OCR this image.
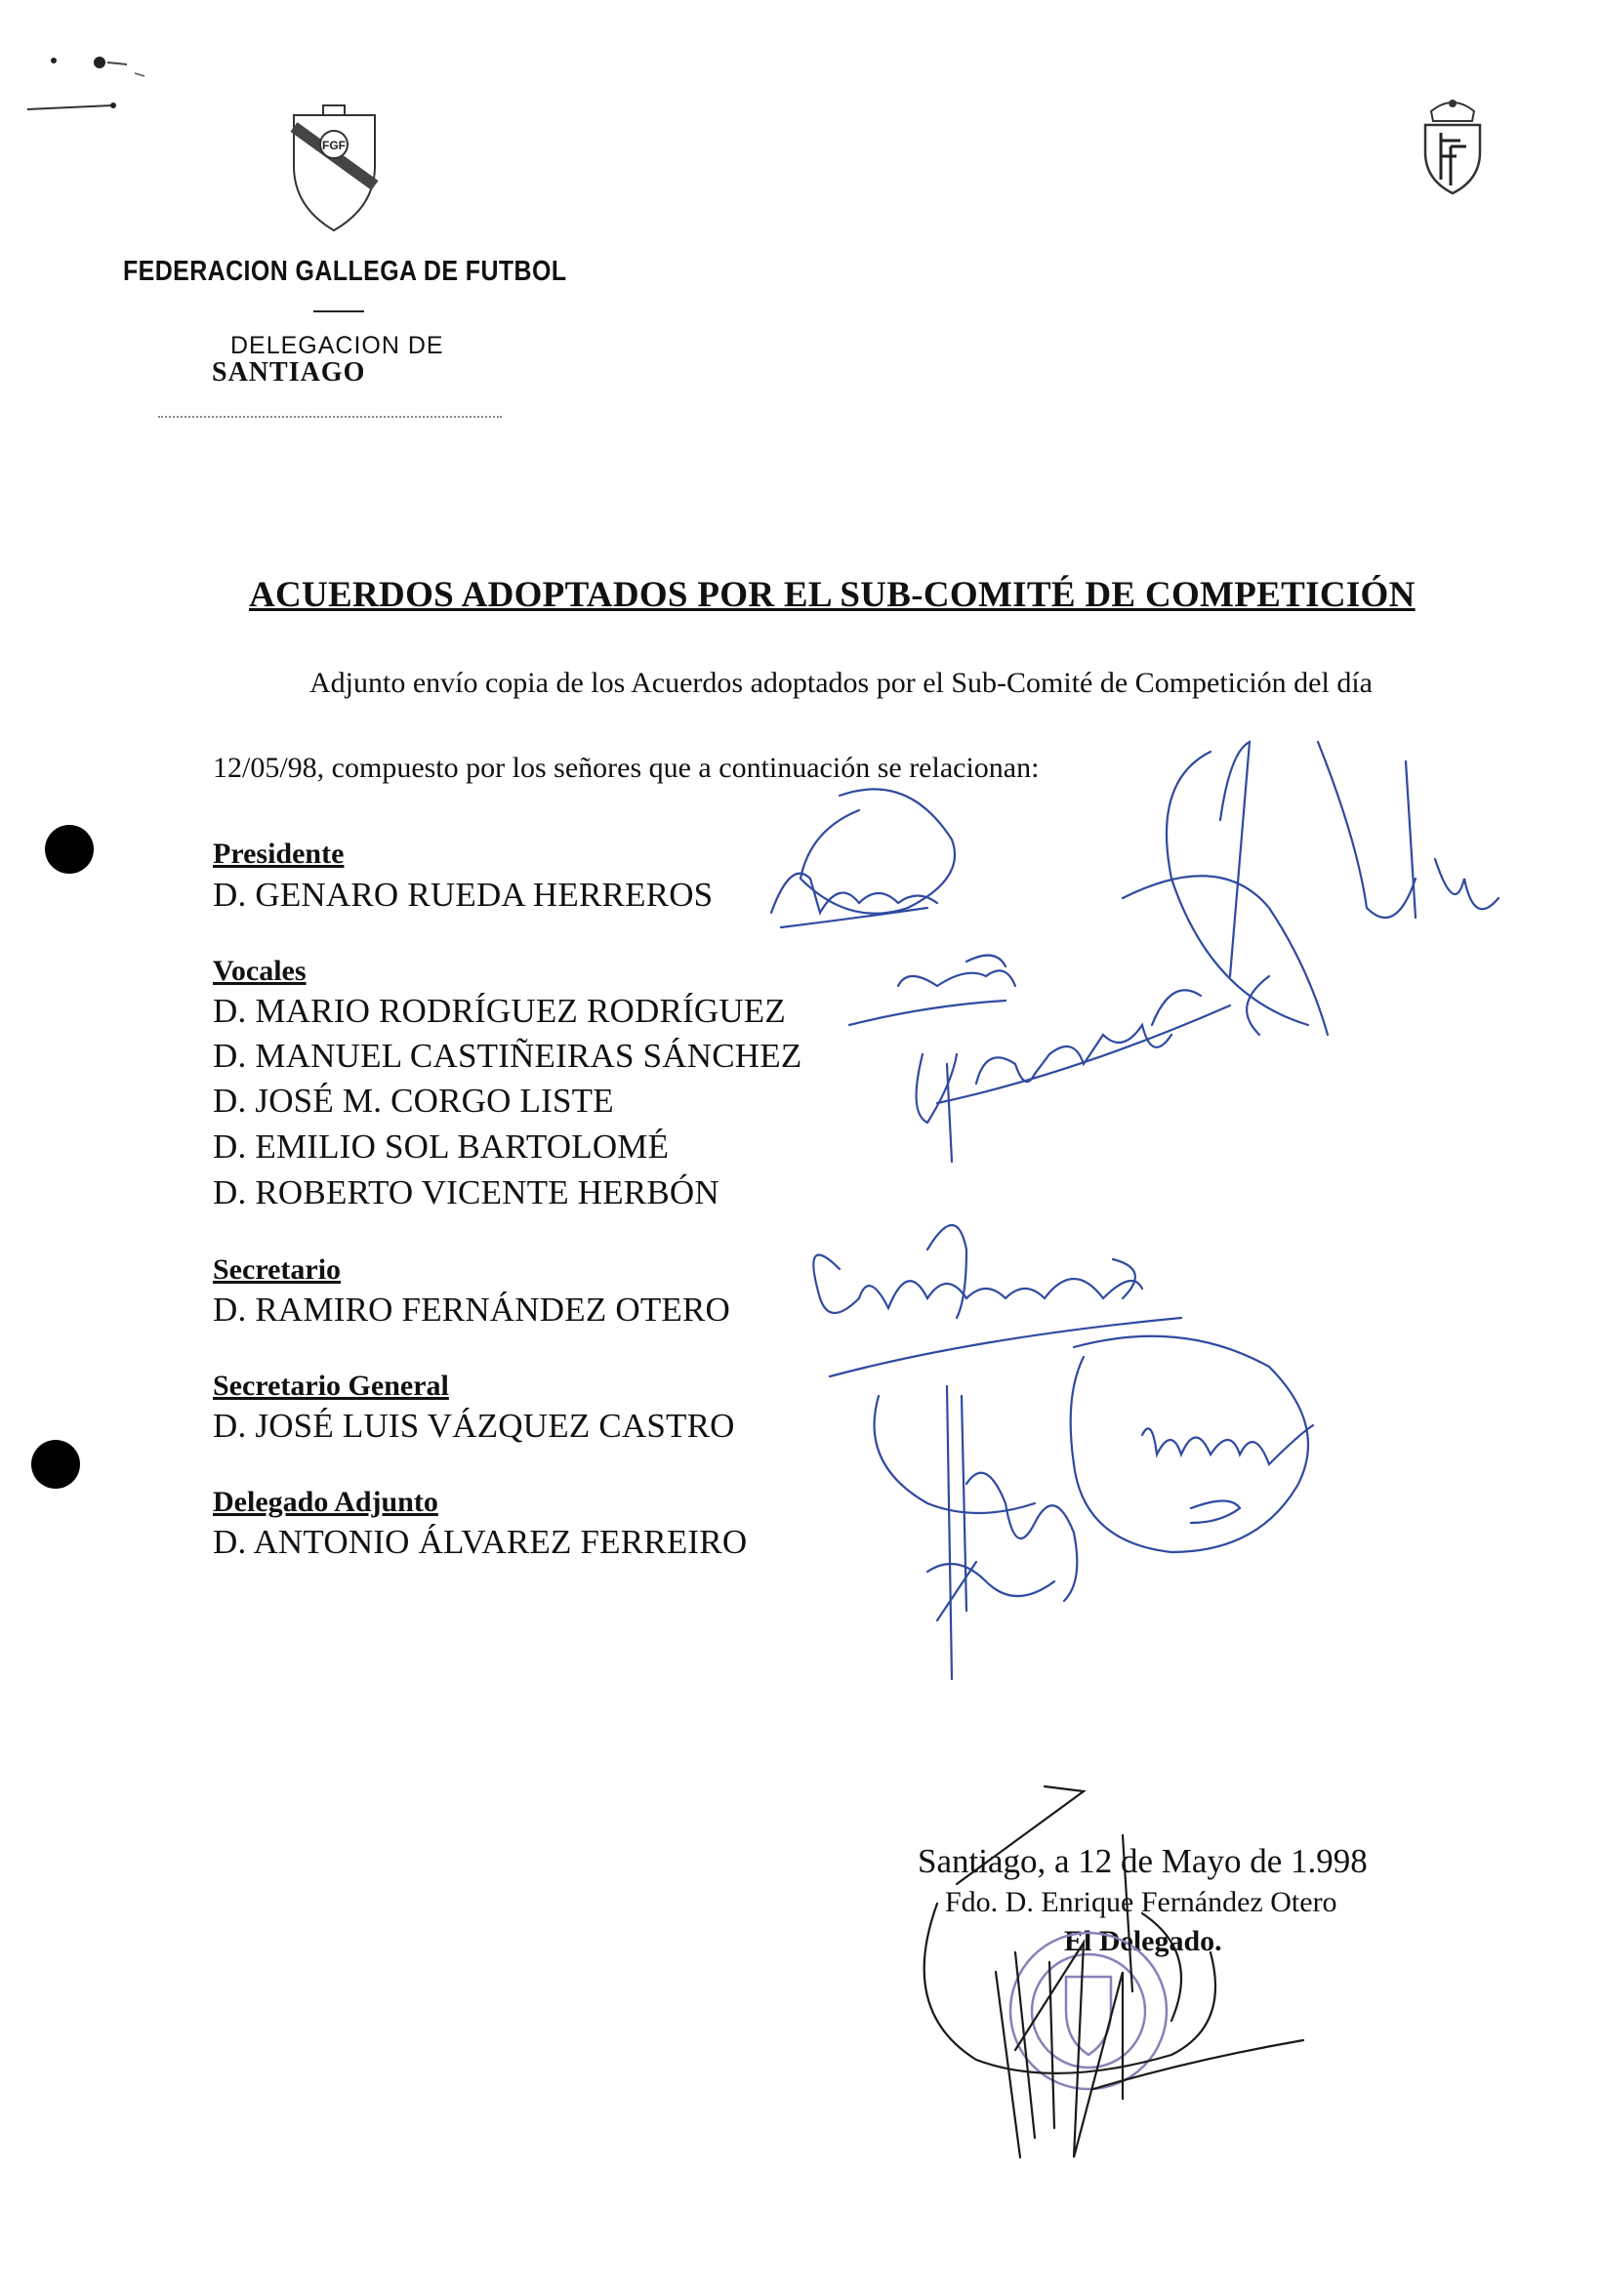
FGF
FEDERACION GALLEGA DE FUTBOL
DELEGACION DE
SANTIAGO
ACUERDOS ADOPTADOS POR EL SUB-COMITÉ DE COMPETICIÓN
Adjunto envío copia de los Acuerdos adoptados por el Sub-Comité de Competición del día
12/05/98, compuesto por los señores que a continuación se relacionan:
Presidente
D. GENARO RUEDA HERREROS
Vocales
D. MARIO RODRÍGUEZ RODRÍGUEZ
D. MANUEL CASTIÑEIRAS SÁNCHEZ
D. JOSÉ M. CORGO LISTE
D. EMILIO SOL BARTOLOMÉ
D. ROBERTO VICENTE HERBÓN
Secretario
D. RAMIRO FERNÁNDEZ OTERO
Secretario General
D. JOSÉ LUIS VÁZQUEZ CASTRO
Delegado Adjunto
D. ANTONIO ÁLVAREZ FERREIRO
Santiago, a 12 de Mayo de 1.998
Fdo. D. Enrique Fernández Otero
El Delegado.
